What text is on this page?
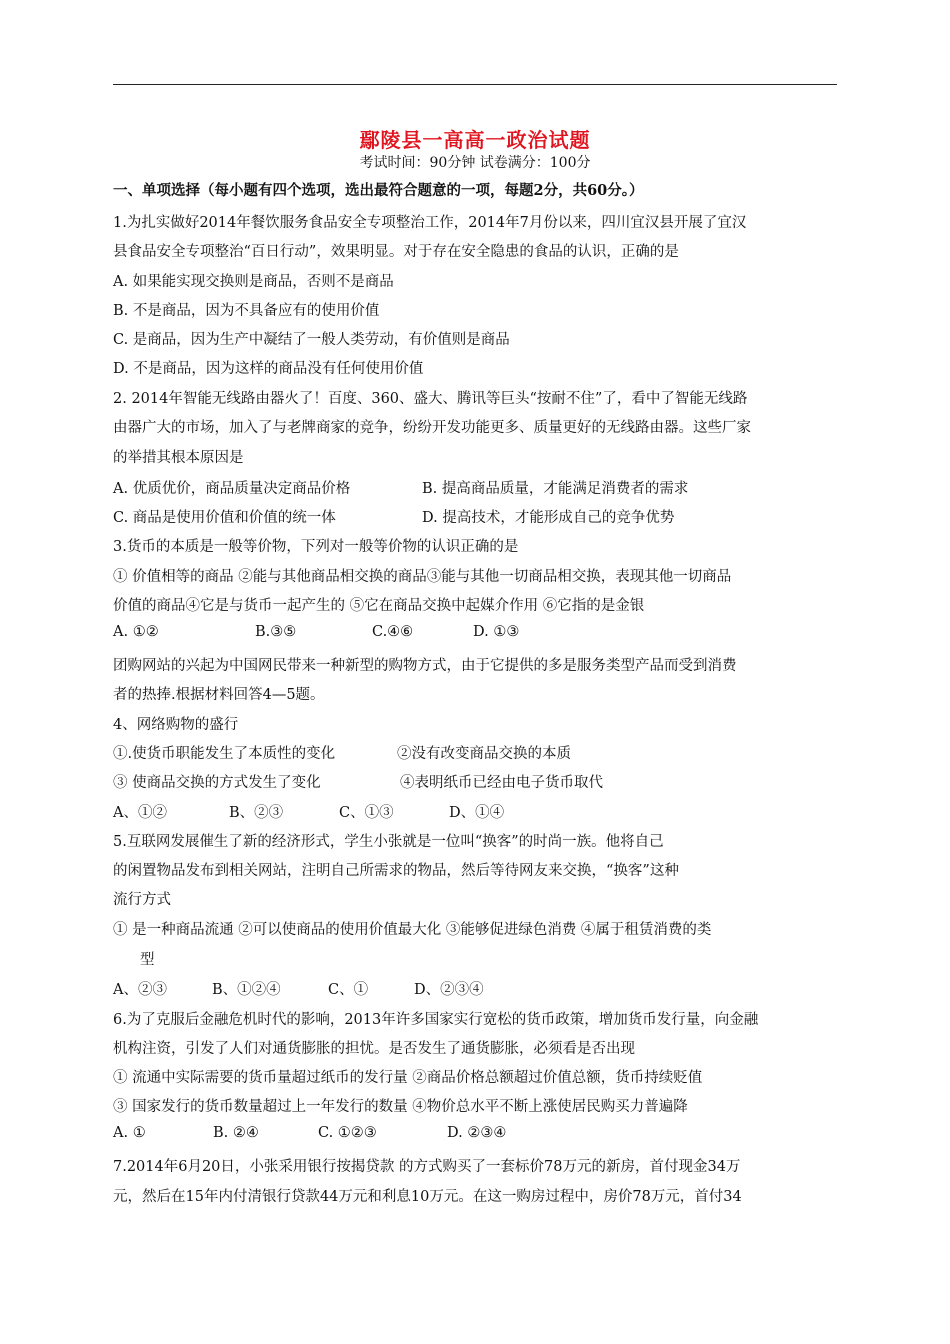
鄢陵县一高高一政治试题
考试时间：90分钟 试卷满分：100分
一、单项选择（每小题有四个选项，选出最符合题意的一项，每题2分，共60分。）
1.为扎实做好2014年餐饮服务食品安全专项整治工作，2014年7月份以来，四川宜汉县开展了宜汉
县食品安全专项整治“百日行动”，效果明显。对于存在安全隐患的食品的认识，正确的是
A. 如果能实现交换则是商品，否则不是商品
B. 不是商品，因为不具备应有的使用价值
C. 是商品，因为生产中凝结了一般人类劳动，有价值则是商品
D. 不是商品，因为这样的商品没有任何使用价值
2. 2014年智能无线路由器火了！百度、360、盛大、腾讯等巨头“按耐不住”了，看中了智能无线路
由器广大的市场，加入了与老牌商家的竞争，纷纷开发功能更多、质量更好的无线路由器。这些厂家
的举措其根本原因是
A. 优质优价，商品质量决定商品价格	B. 提高商品质量，才能满足消费者的需求
C. 商品是使用价值和价值的统一体	D. 提高技术，才能形成自己的竞争优势
3.货币的本质是一般等价物，下列对一般等价物的认识正确的是
① 价值相等的商品 ②能与其他商品相交换的商品③能与其他一切商品相交换，表现其他一切商品
价值的商品④它是与货币一起产生的 ⑤它在商品交换中起媒介作用 ⑥它指的是金银
A. ①②	B.③⑤	C.④⑥	D. ①③
团购网站的兴起为中国网民带来一种新型的购物方式，由于它提供的多是服务类型产品而受到消费
者的热捧.根据材料回答4—5题。
4、网络购物的盛行
①.使货币职能发生了本质性的变化	②没有改变商品交换的本质
③ 使商品交换的方式发生了变化	④表明纸币已经由电子货币取代
A、①②	B、②③	C、①③	D、①④
5.互联网发展催生了新的经济形式，学生小张就是一位叫“换客”的时尚一族。他将自己
的闲置物品发布到相关网站，注明自己所需求的物品，然后等待网友来交换，“换客”这种
流行方式
① 是一种商品流通 ②可以使商品的使用价值最大化 ③能够促进绿色消费 ④属于租赁消费的类
型
A、②③	B、①②④	C、①	D、②③④
6.为了克服后金融危机时代的影响，2013年许多国家实行宽松的货币政策，增加货币发行量，向金融
机构注资，引发了人们对通货膨胀的担忧。是否发生了通货膨胀，必须看是否出现
① 流通中实际需要的货币量超过纸币的发行量 ②商品价格总额超过价值总额，货币持续贬值
③ 国家发行的货币数量超过上一年发行的数量 ④物价总水平不断上涨使居民购买力普遍降
A. ①	B. ②④	C. ①②③	D. ②③④
7.2014年6月20日，小张采用银行按揭贷款 的方式购买了一套标价78万元的新房，首付现金34万
元，然后在15年内付清银行贷款44万元和利息10万元。在这一购房过程中，房价78万元，首付34
